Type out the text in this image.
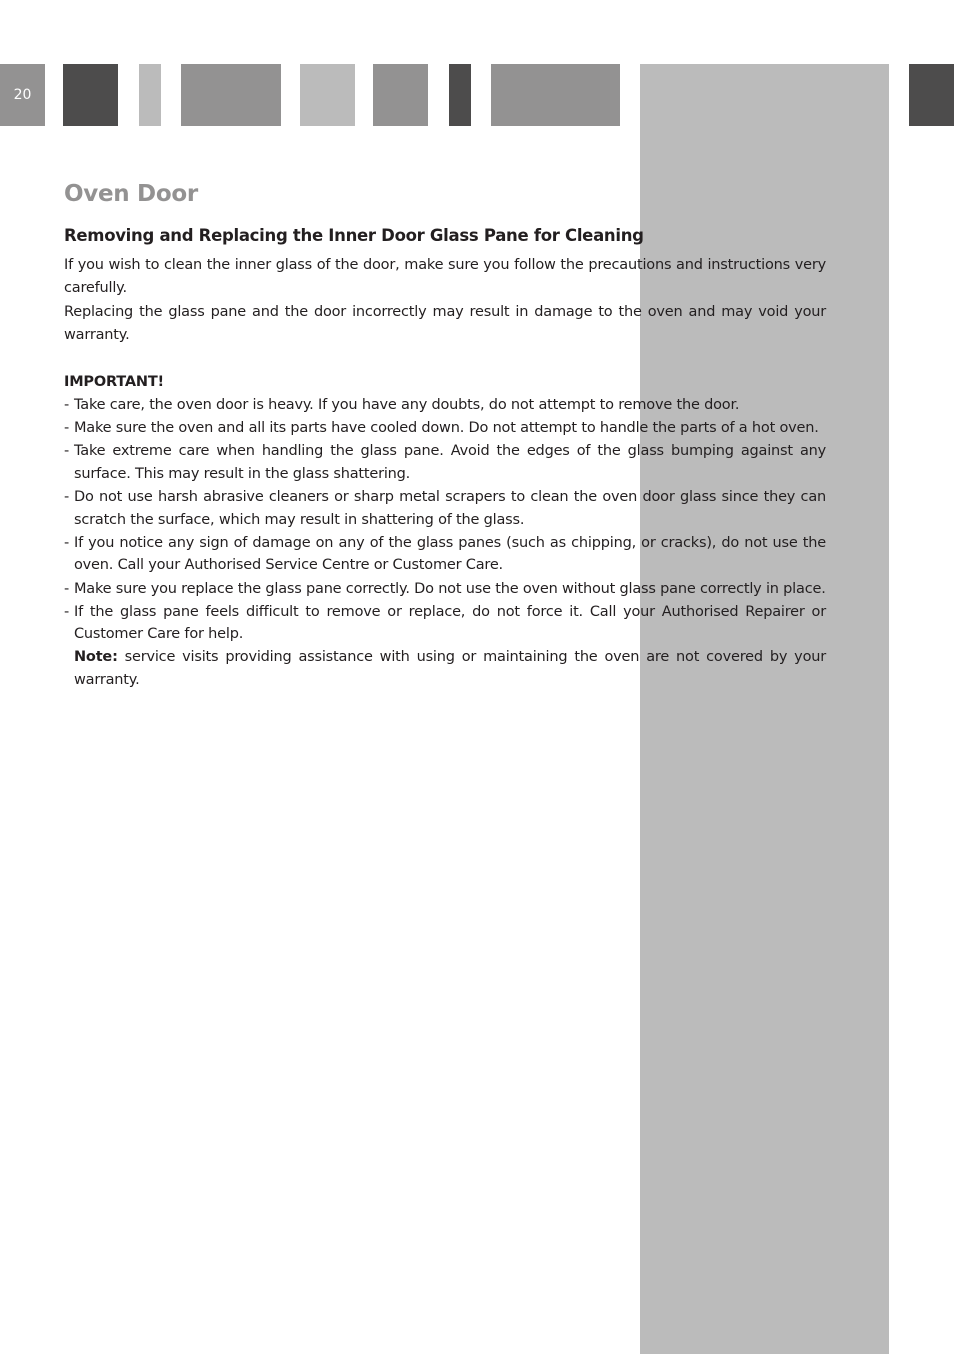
20
Oven Door
Removing and Replacing the Inner Door Glass Pane for Cleaning

If you wish to clean the inner glass of the door, make sure you follow the precautions and instructions very carefully.

Replacing the glass pane and the door incorrectly may result in damage to the oven and may void your warranty.

IMPORTANT!
- Take care, the oven door is heavy. If you have any doubts, do not attempt to remove the door.
- Make sure the oven and all its parts have cooled down. Do not attempt to handle the parts of a hot oven.
- Take extreme care when handling the glass pane. Avoid the edges of the glass bumping against any surface. This may result in the glass shattering.
- Do not use harsh abrasive cleaners or sharp metal scrapers to clean the oven door glass since they can scratch the surface, which may result in shattering of the glass.
- If you notice any sign of damage on any of the glass panes (such as chipping, or cracks), do not use the oven. Call your Authorised Service Centre or Customer Care.
- Make sure you replace the glass pane correctly. Do not use the oven without glass pane correctly in place.
- If the glass pane feels difficult to remove or replace, do not force it. Call your Authorised Repairer or Customer Care for help.
Note: service visits providing assistance with using or maintaining the oven are not covered by your warranty.
